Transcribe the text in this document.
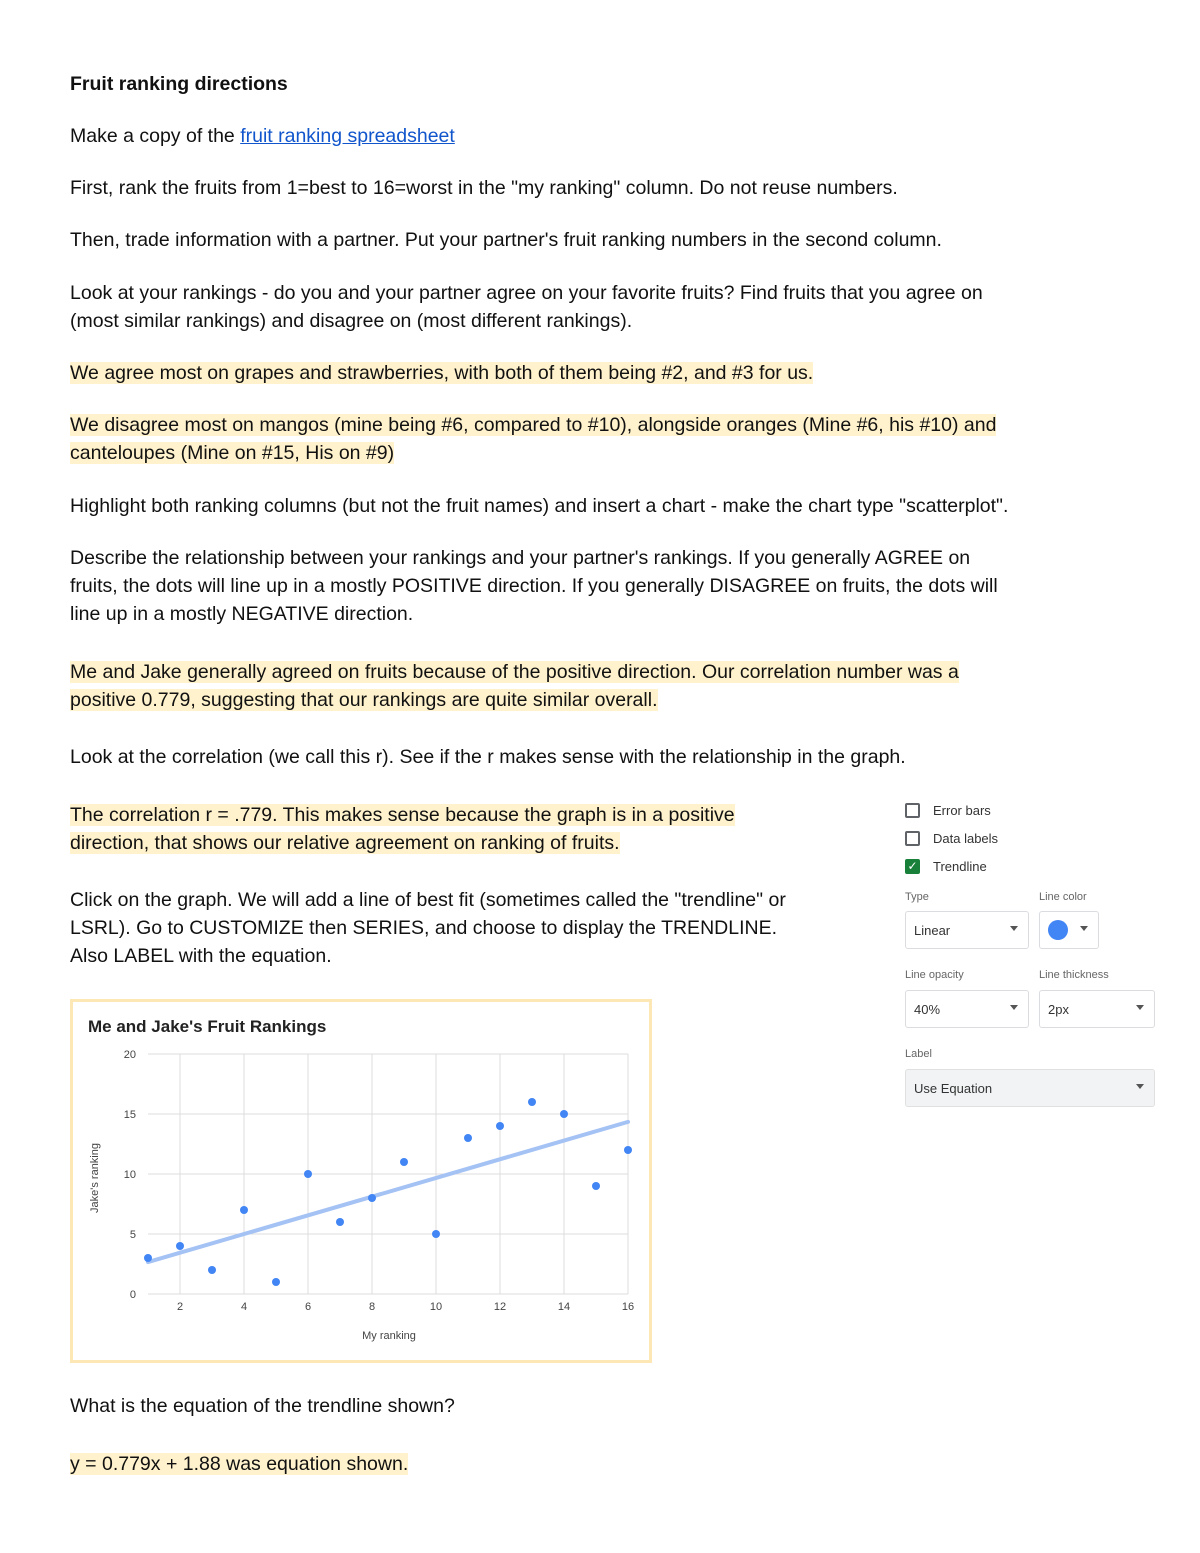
Fruit ranking directions

Make a copy of the fruit ranking spreadsheet

First, rank the fruits from 1=best to 16=worst in the "my ranking" column. Do not reuse numbers.

Then, trade information with a partner. Put your partner's fruit ranking numbers in the second column.

Look at your rankings - do you and your partner agree on your favorite fruits? Find fruits that you agree on
(most similar rankings) and disagree on (most different rankings).

We agree most on grapes and strawberries, with both of them being #2, and #3 for us.

We disagree most on mangos (mine being #6, compared to #10), alongside oranges (Mine #6, his #10) and
canteloupes (Mine on #15, His on #9)

Highlight both ranking columns (but not the fruit names) and insert a chart - make the chart type "scatterplot".

Describe the relationship between your rankings and your partner's rankings. If you generally AGREE on
fruits, the dots will line up in a mostly POSITIVE direction. If you generally DISAGREE on fruits, the dots will
line up in a mostly NEGATIVE direction.

Me and Jake generally agreed on fruits because of the positive direction. Our correlation number was a
positive 0.779, suggesting that our rankings are quite similar overall.

Look at the correlation (we call this r). See if the r makes sense with the relationship in the graph.

The correlation r = .779. This makes sense because the graph is in a positive
direction, that shows our relative agreement on ranking of fruits.

Click on the graph. We will add a line of best fit (sometimes called the "trendline" or
LSRL). Go to CUSTOMIZE then SERIES, and choose to display the TRENDLINE.
Also LABEL with the equation.

Me and Jake's Fruit Rankings
0
5
10
15
20
2	4	6	8	10	12	14	16
My ranking
Jake's ranking
Error bars
Data labels
✓ Trendline
Type	Line color
Linear
Line opacity	Line thickness
40%	2px
Label
Use Equation

What is the equation of the trendline shown?

y = 0.779x + 1.88 was equation shown.
